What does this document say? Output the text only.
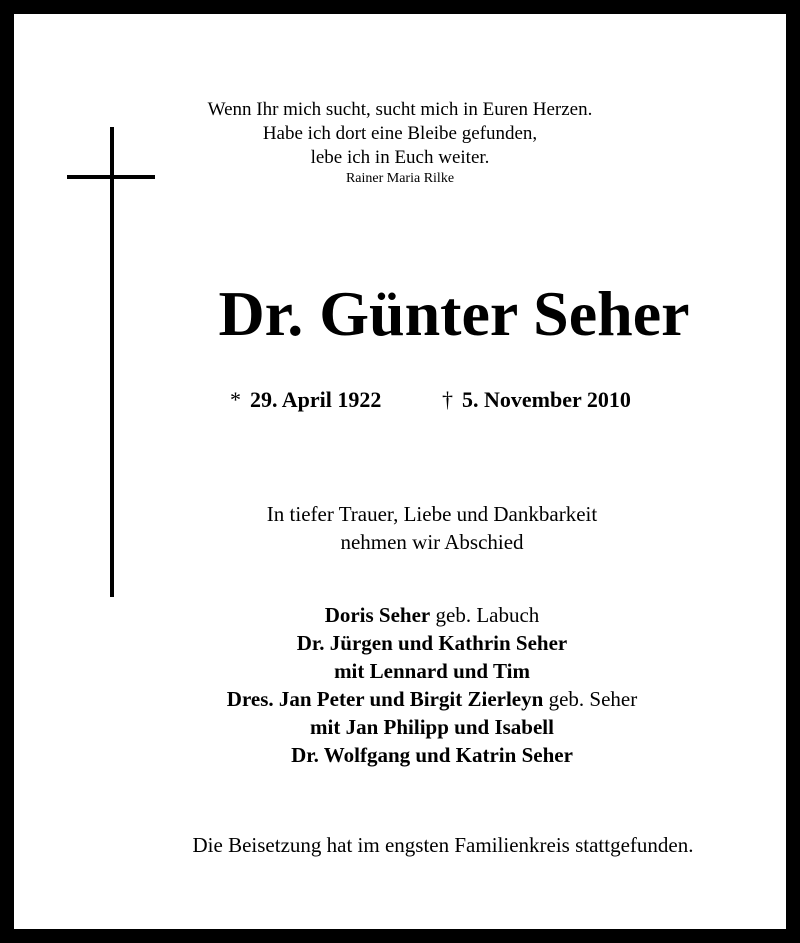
Wenn Ihr mich sucht, sucht mich in Euren Herzen.
Habe ich dort eine Bleibe gefunden,
lebe ich in Euch weiter.
Rainer Maria Rilke
Dr. Günter Seher
* 29. April 1922	† 5. November 2010
In tiefer Trauer, Liebe und Dankbarkeit
nehmen wir Abschied
Doris Seher geb. Labuch
Dr. Jürgen und Kathrin Seher
mit Lennard und Tim
Dres. Jan Peter und Birgit Zierleyn geb. Seher
mit Jan Philipp und Isabell
Dr. Wolfgang und Katrin Seher
Die Beisetzung hat im engsten Familienkreis stattgefunden.
